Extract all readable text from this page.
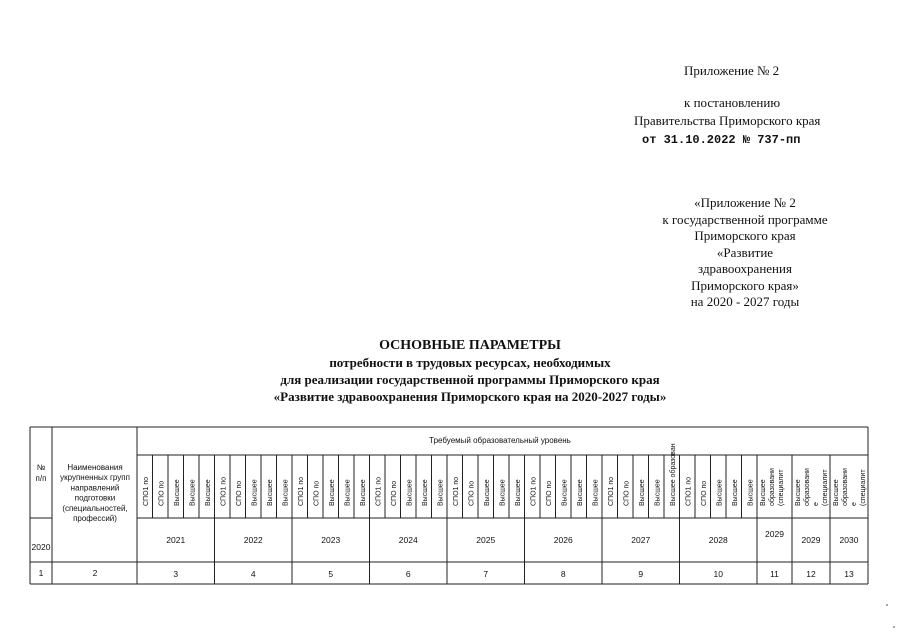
Приложение № 2
к постановлению
Правительства Приморского края
от 31.10.2022 № 737-пп
«Приложение № 2
к государственной программе
Приморского края
«Развитие
здравоохранения
Приморского края»
на 2020 - 2027 годы
ОСНОВНЫЕ ПАРАМЕТРЫ
потребности в трудовых ресурсах, необходимых
для реализации государственной программы Приморского края
«Развитие здравоохранения Приморского края на 2020-2027 годы»
№
п/п
Наименования
укрупненных групп
направлений
подготовки
(специальностей,
профессий)
Требуемый образовательный уровень
2020
1	2
СПО1 по СПО по Высшее Высшее Высшее
2021
3
СПО1 по СПО по Высшее Высшее Высшее
2022
4
СПО1 по СПО по Высшее Высшее Высшее
2023
5
СПО1 по СПО по Высшее Высшее Высшее
2024
6
СПО1 по СПО по Высшее Высшее Высшее
2025
7
СПО1 по СПО по Высшее Высшее Высшее
2026
8
СПО1 по СПО по Высшее Высшее Высшее образован
2027
9
СПО1 по СПО по Высшее Высшее Высшее
2028
10
Высшее образовани (специалит
2029
11
Высшее образовани е (специалит
2029
12
Высшее образовани е (специалит
2030
13
